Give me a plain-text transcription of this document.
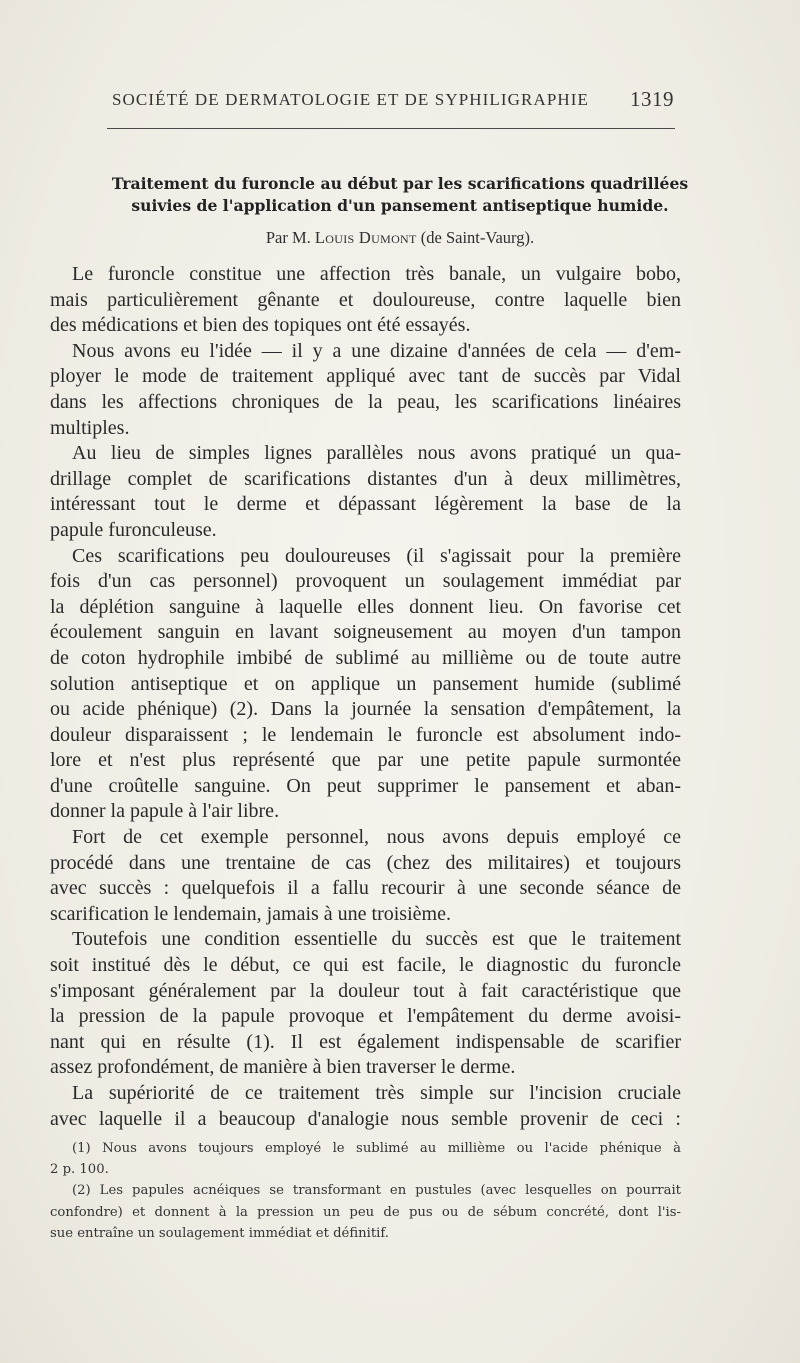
SOCIÉTÉ DE DERMATOLOGIE ET DE SYPHILIGRAPHIE 1319
Traitement du furoncle au début par les scarifications quadrillées
suivies de l'application d'un pansement antiseptique humide.
Par M. Louis Dumont (de Saint-Vaurg).
Le furoncle constitue une affection très banale, un vulgaire bobo,
mais particulièrement gênante et douloureuse, contre laquelle bien
des médications et bien des topiques ont été essayés.
Nous avons eu l'idée — il y a une dizaine d'années de cela — d'em-
ployer le mode de traitement appliqué avec tant de succès par Vidal
dans les affections chroniques de la peau, les scarifications linéaires
multiples.
Au lieu de simples lignes parallèles nous avons pratiqué un qua-
drillage complet de scarifications distantes d'un à deux millimètres,
intéressant tout le derme et dépassant légèrement la base de la
papule furonculeuse.
Ces scarifications peu douloureuses (il s'agissait pour la première
fois d'un cas personnel) provoquent un soulagement immédiat par
la déplétion sanguine à laquelle elles donnent lieu. On favorise cet
écoulement sanguin en lavant soigneusement au moyen d'un tampon
de coton hydrophile imbibé de sublimé au millième ou de toute autre
solution antiseptique et on applique un pansement humide (sublimé
ou acide phénique) (2). Dans la journée la sensation d'empâtement, la
douleur disparaissent ; le lendemain le furoncle est absolument indo-
lore et n'est plus représenté que par une petite papule surmontée
d'une croûtelle sanguine. On peut supprimer le pansement et aban-
donner la papule à l'air libre.
Fort de cet exemple personnel, nous avons depuis employé ce
procédé dans une trentaine de cas (chez des militaires) et toujours
avec succès : quelquefois il a fallu recourir à une seconde séance de
scarification le lendemain, jamais à une troisième.
Toutefois une condition essentielle du succès est que le traitement
soit institué dès le début, ce qui est facile, le diagnostic du furoncle
s'imposant généralement par la douleur tout à fait caractéristique que
la pression de la papule provoque et l'empâtement du derme avoisi-
nant qui en résulte (1). Il est également indispensable de scarifier
assez profondément, de manière à bien traverser le derme.
La supériorité de ce traitement très simple sur l'incision cruciale
avec laquelle il a beaucoup d'analogie nous semble provenir de ceci :
(1) Nous avons toujours employé le sublimé au millième ou l'acide phénique à
2 p. 100.
(2) Les papules acnéiques se transformant en pustules (avec lesquelles on pourrait
confondre) et donnent à la pression un peu de pus ou de sébum concrété, dont l'is-
sue entraîne un soulagement immédiat et définitif.
